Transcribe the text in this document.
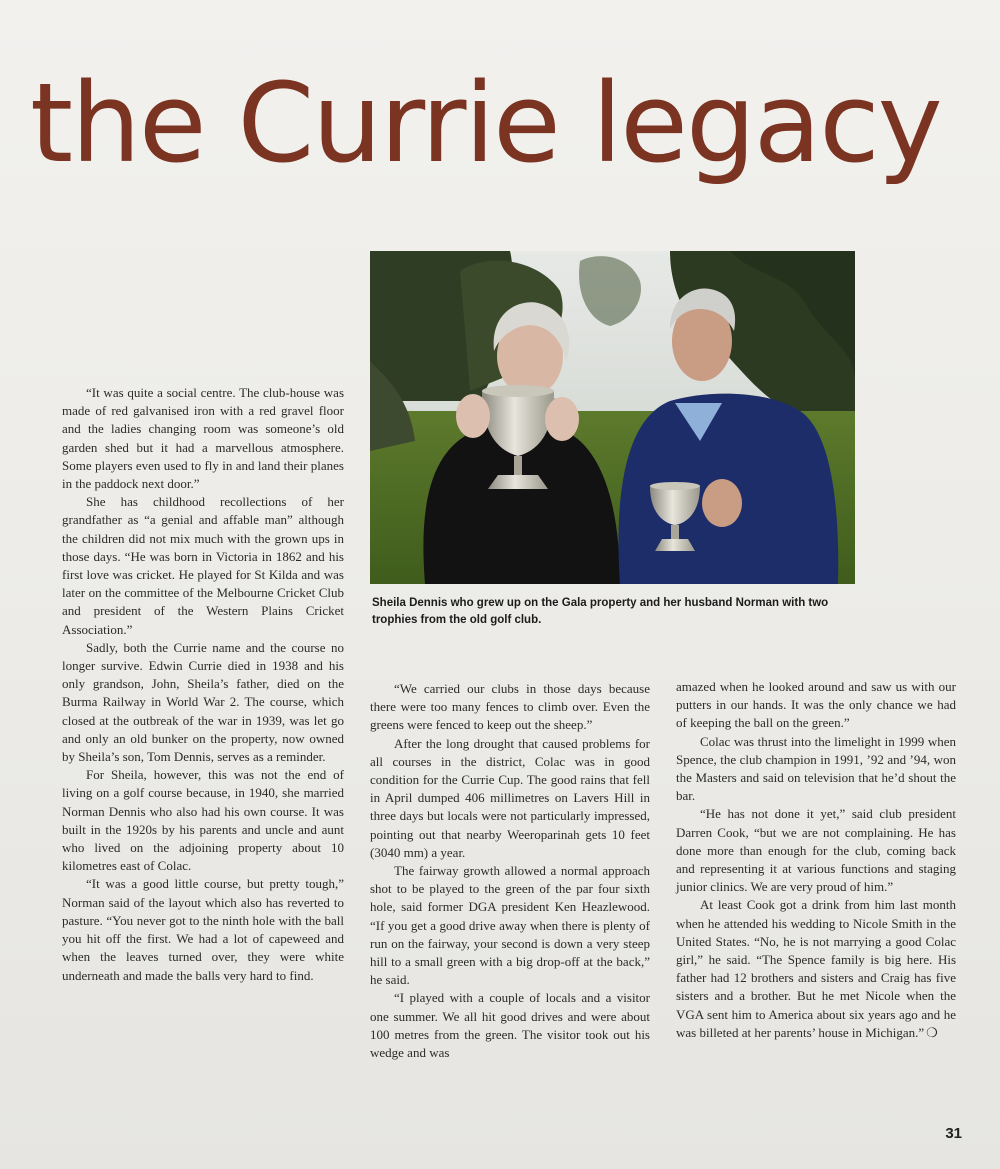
the Currie legacy

Sheila Dennis who grew up on the Gala property and her husband Norman with two trophies from the old golf club.

“It was quite a social centre. The club-house was made of red galvanised iron with a red gravel floor and the ladies changing room was someone’s old garden shed but it had a marvellous atmosphere. Some players even used to fly in and land their planes in the paddock next door.”

She has childhood recollections of her grandfather as “a genial and affable man” although the children did not mix much with the grown ups in those days. “He was born in Victoria in 1862 and his first love was cricket. He played for St Kilda and was later on the committee of the Melbourne Cricket Club and president of the Western Plains Cricket Association.”

Sadly, both the Currie name and the course no longer survive. Edwin Currie died in 1938 and his only grandson, John, Sheila’s father, died on the Burma Railway in World War 2. The course, which closed at the outbreak of the war in 1939, was let go and only an old bunker on the property, now owned by Sheila’s son, Tom Dennis, serves as a reminder.

For Sheila, however, this was not the end of living on a golf course because, in 1940, she married Norman Dennis who also had his own course. It was built in the 1920s by his parents and uncle and aunt who lived on the adjoining property about 10 kilometres east of Colac.

“It was a good little course, but pretty tough,” Norman said of the layout which also has reverted to pasture. “You never got to the ninth hole with the ball you hit off the first. We had a lot of capeweed and when the leaves turned over, they were white underneath and made the balls very hard to find.

“We carried our clubs in those days because there were too many fences to climb over. Even the greens were fenced to keep out the sheep.”

After the long drought that caused problems for all courses in the district, Colac was in good condition for the Currie Cup. The good rains that fell in April dumped 406 millimetres on Lavers Hill in three days but locals were not particularly impressed, pointing out that nearby Weeroparinah gets 10 feet (3040 mm) a year.

The fairway growth allowed a normal approach shot to be played to the green of the par four sixth hole, said former DGA president Ken Heazlewood. “If you get a good drive away when there is plenty of run on the fairway, your second is down a very steep hill to a small green with a big drop-off at the back,” he said.

“I played with a couple of locals and a visitor one summer. We all hit good drives and were about 100 metres from the green. The visitor took out his wedge and was

amazed when he looked around and saw us with our putters in our hands. It was the only chance we had of keeping the ball on the green.”

Colac was thrust into the limelight in 1999 when Spence, the club champion in 1991, ’92 and ’94, won the Masters and said on television that he’d shout the bar.

“He has not done it yet,” said club president Darren Cook, “but we are not complaining. He has done more than enough for the club, coming back and representing it at various functions and staging junior clinics. We are very proud of him.”

At least Cook got a drink from him last month when he attended his wedding to Nicole Smith in the United States. “No, he is not marrying a good Colac girl,” he said. “The Spence family is big here. His father had 12 brothers and sisters and Craig has five sisters and a brother. But he met Nicole when the VGA sent him to America about six years ago and he was billeted at her parents’ house in Michigan.” ❍

31
